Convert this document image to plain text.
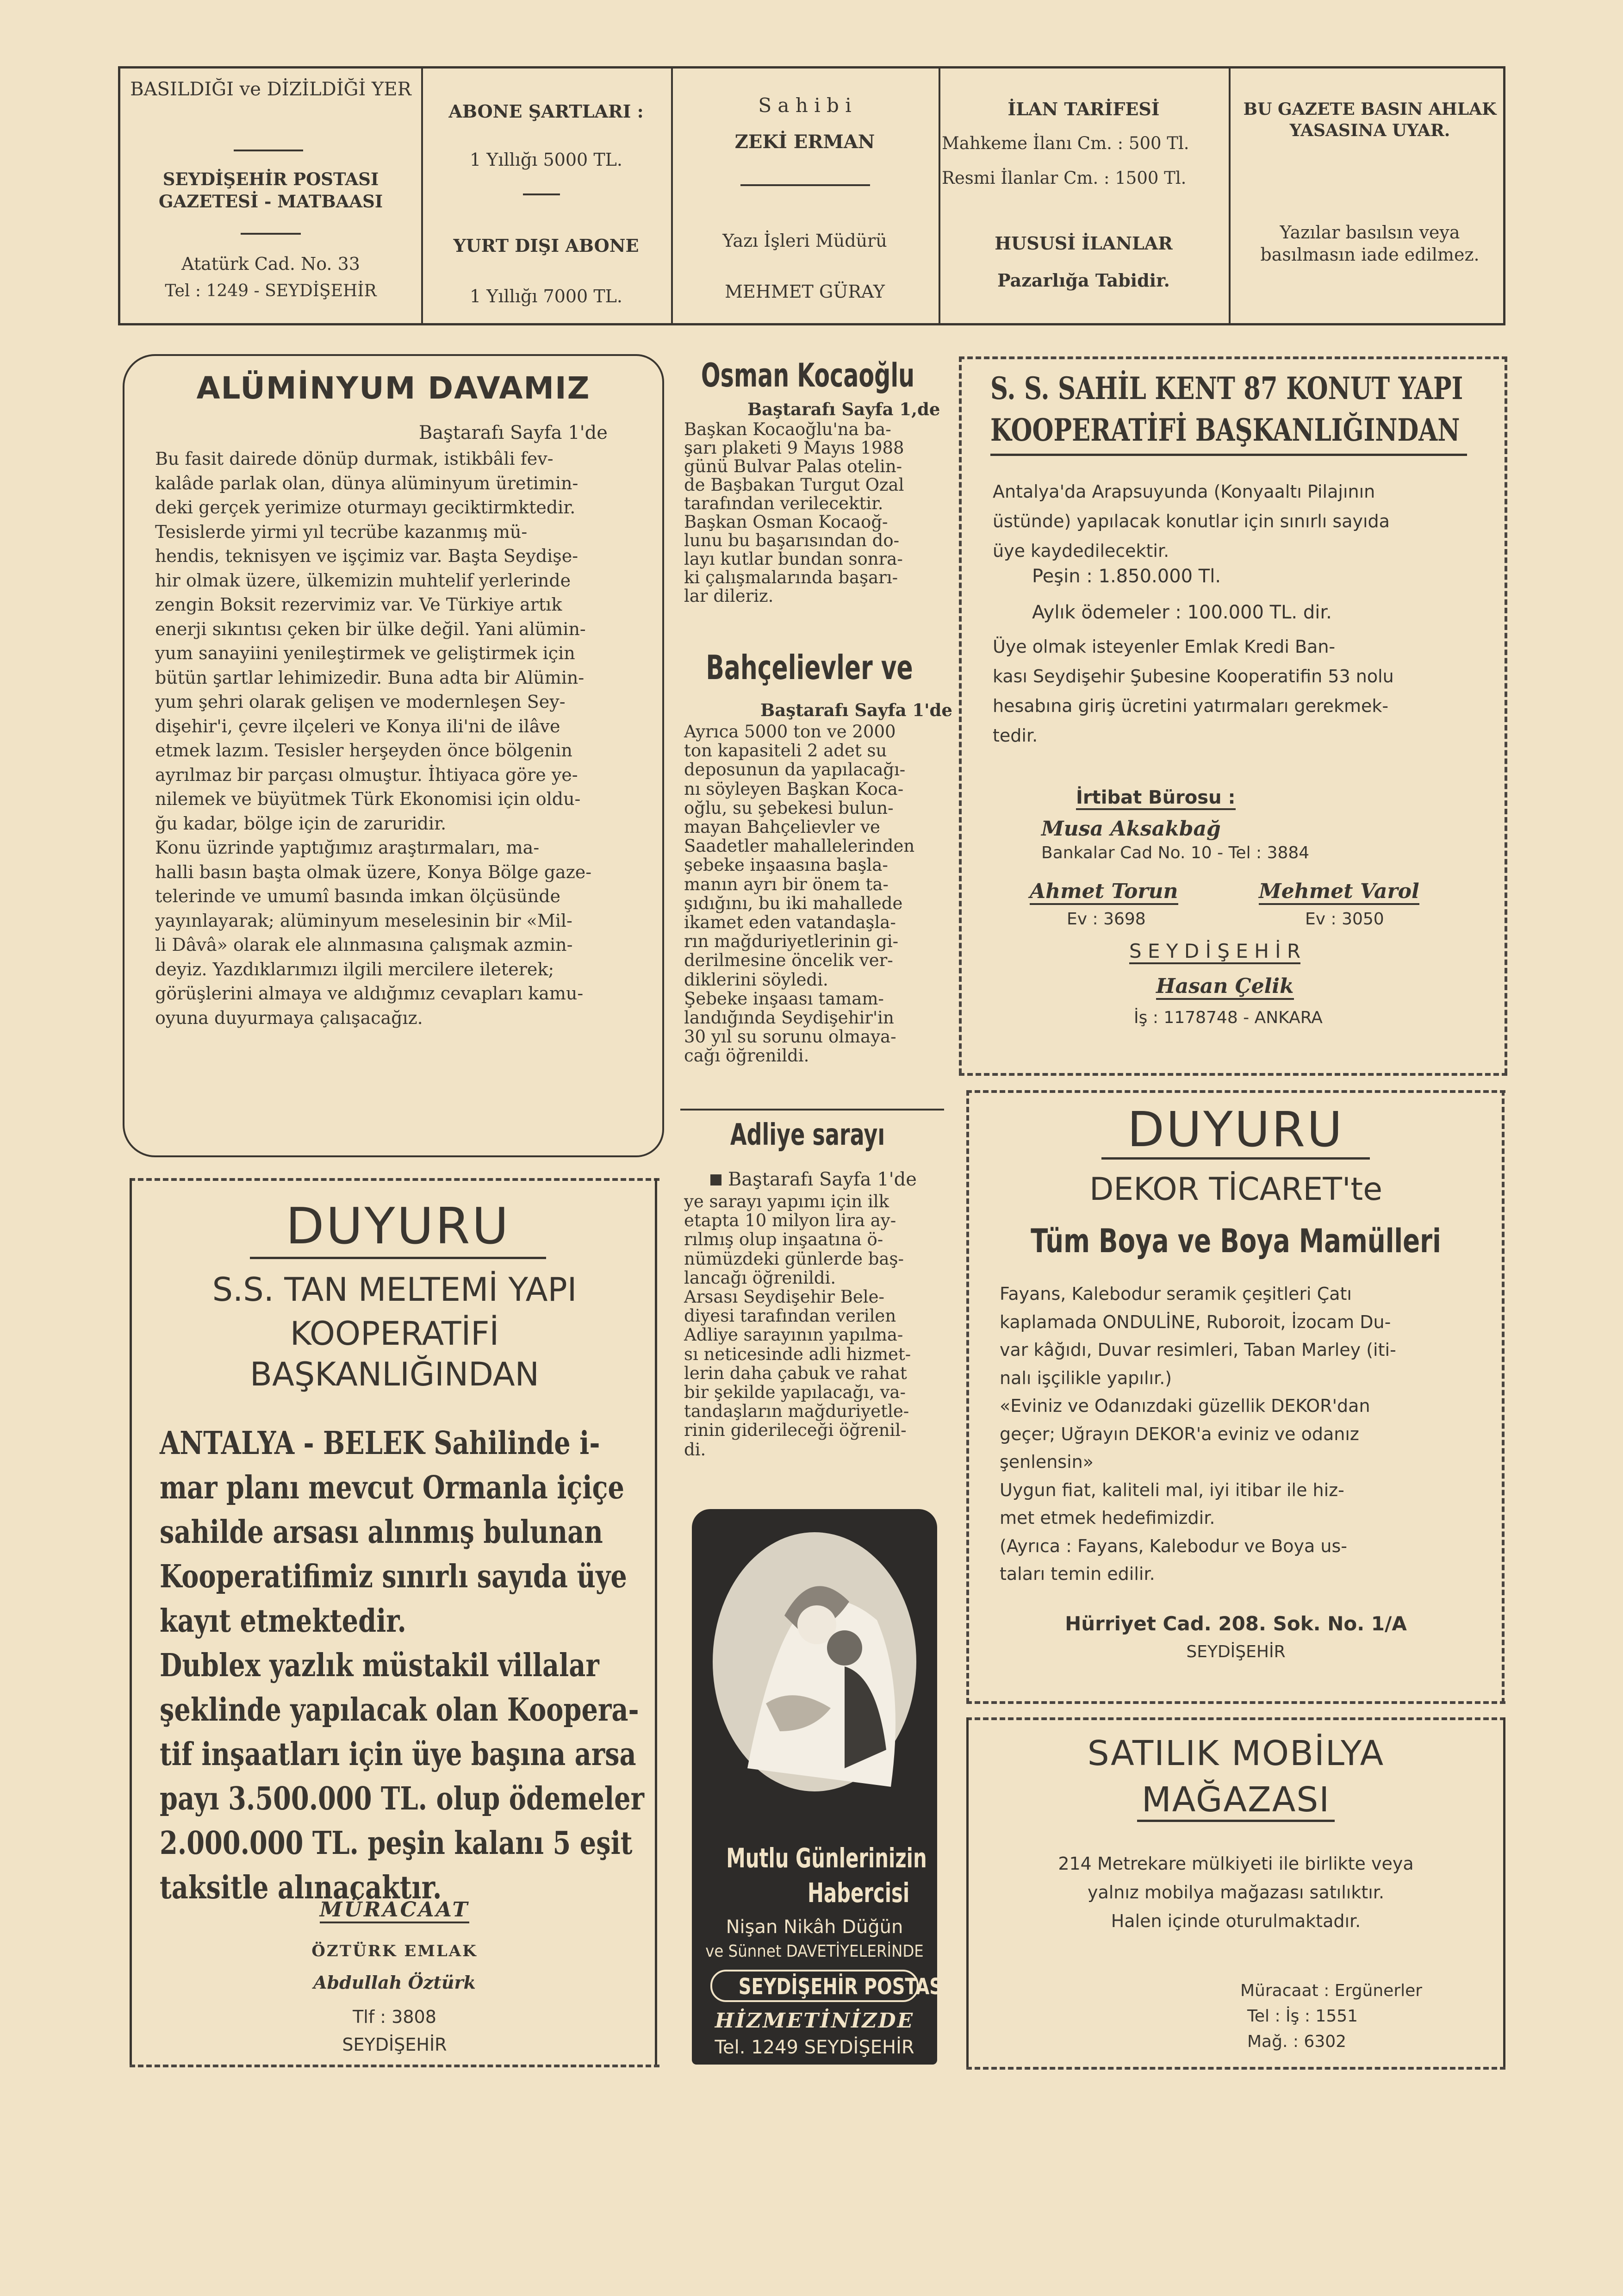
BASILDIĞI ve DİZİLDİĞİ YER
SEYDİŞEHİR POSTASI GAZETESİ - MATBAASI
Atatürk Cad. No. 33
Tel : 1249 - SEYDİŞEHİR
ABONE ŞARTLARI :
1 Yıllığı 5000 TL.
YURT DIŞI ABONE
1 Yıllığı 7000 TL.
S a h i b i
ZEKİ ERMAN
Yazı İşleri Müdürü
MEHMET GÜRAY
İLAN TARİFESİ
Mahkeme İlanı Cm. : 500 Tl.
Resmi İlanlar Cm. : 1500 Tl.
HUSUSİ İLANLAR
Pazarlığa Tabidir.
BU GAZETE BASIN AHLAK YASASINA UYAR.
Yazılar basılsın veya basılmasın iade edilmez.
ALÜMİNYUM DAVAMIZ
Baştarafı Sayfa 1'de
Bu fasit dairede dönüp durmak, istikbâli fev-
kalâde parlak olan, dünya alüminyum üretimin-
deki gerçek yerimize oturmayı geciktirmktedir.
Tesislerde yirmi yıl tecrübe kazanmış mü-
hendis, teknisyen ve işçimiz var. Başta Seydişe-
hir olmak üzere, ülkemizin muhtelif yerlerinde
zengin Boksit rezervimiz var. Ve Türkiye artık
enerji sıkıntısı çeken bir ülke değil. Yani alümin-
yum sanayiini yenileştirmek ve geliştirmek için
bütün şartlar lehimizedir. Buna adta bir Alümin-
yum şehri olarak gelişen ve modernleşen Sey-
dişehir'i, çevre ilçeleri ve Konya ili'ni de ilâve
etmek lazım. Tesisler herşeyden önce bölgenin
ayrılmaz bir parçası olmuştur. İhtiyaca göre ye-
nilemek ve büyütmek Türk Ekonomisi için oldu-
ğu kadar, bölge için de zaruridir.
Konu üzrinde yaptığımız araştırmaları, ma-
halli basın başta olmak üzere, Konya Bölge gaze-
telerinde ve umumî basında imkan ölçüsünde
yayınlayarak; alüminyum meselesinin bir «Mil-
li Dâvâ» olarak ele alınmasına çalışmak azmin-
deyiz. Yazdıklarımızı ilgili mercilere ileterek;
görüşlerini almaya ve aldığımız cevapları kamu-
oyuna duyurmaya çalışacağız.
Osman Kocaoğlu
Baştarafı Sayfa 1,de
Başkan Kocaoğlu'na ba-
şarı plaketi 9 Mayıs 1988
günü Bulvar Palas otelin-
de Başbakan Turgut Ozal
tarafından verilecektir.
Başkan Osman Kocaoğ-
lunu bu başarısından do-
layı kutlar bundan sonra-
ki çalışmalarında başarı-
lar dileriz.
Bahçelievler ve
Baştarafı Sayfa 1'de
Ayrıca 5000 ton ve 2000
ton kapasiteli 2 adet su
deposunun da yapılacağı-
nı söyleyen Başkan Koca-
oğlu, su şebekesi bulun-
mayan Bahçelievler ve
Saadetler mahallelerinden
şebeke inşaasına başla-
manın ayrı bir önem ta-
şıdığını, bu iki mahallede
ikamet eden vatandaşla-
rın mağduriyetlerinin gi-
derilmesine öncelik ver-
diklerini söyledi.
Şebeke inşaası tamam-
landığında Seydişehir'in
30 yıl su sorunu olmaya-
cağı öğrenildi.
Adliye sarayı
Baştarafı Sayfa 1'de
ye sarayı yapımı için ilk
etapta 10 milyon lira ay-
rılmış olup inşaatına ö-
nümüzdeki günlerde baş-
lancağı öğrenildi.
Arsası Seydişehir Bele-
diyesi tarafından verilen
Adliye sarayının yapılma-
sı neticesinde adli hizmet-
lerin daha çabuk ve rahat
bir şekilde yapılacağı, va-
tandaşların mağduriyetle-
rinin giderileceği öğrenil-
di.
Mutlu Günlerinizin
Habercisi
Nişan Nikâh Düğün
ve Sünnet DAVETİYELERİNDE
SEYDİŞEHİR POSTASI
HİZMETİNİZDE
Tel. 1249 SEYDİŞEHİR
S. S. SAHİL KENT 87 KONUT YAPI
KOOPERATİFİ BAŞKANLIĞINDAN
Antalya'da Arapsuyunda (Konyaaltı Pilajının
üstünde) yapılacak konutlar için sınırlı sayıda
üye kaydedilecektir.
Peşin : 1.850.000 Tl.
Aylık ödemeler : 100.000 TL. dir.
Üye olmak isteyenler Emlak Kredi Ban-
kası Seydişehir Şubesine Kooperatifin 53 nolu
hesabına giriş ücretini yatırmaları gerekmek-
tedir.
İrtibat Bürosu :
Musa Aksakbağ
Bankalar Cad No. 10 - Tel : 3884
Ahmet Torun
Ev : 3698
Mehmet Varol
Ev : 3050
S E Y D İ Ş E H İ R
Hasan Çelik
İş : 1178748 - ANKARA
DUYURU
S.S. TAN MELTEMİ YAPI
KOOPERATİFİ
BAŞKANLIĞINDAN
ANTALYA - BELEK Sahilinde i-
mar planı mevcut Ormanla içiçe
sahilde arsası alınmış bulunan
Kooperatifimiz sınırlı sayıda üye
kayıt etmektedir.
Dublex yazlık müstakil villalar
şeklinde yapılacak olan Koopera-
tif inşaatları için üye başına arsa
payı 3.500.000 TL. olup ödemeler
2.000.000 TL. peşin kalanı 5 eşit
taksitle alınacaktır.
MÜRACAAT
ÖZTÜRK EMLAK
Abdullah Öztürk
Tlf : 3808
SEYDİŞEHİR
DUYURU
DEKOR TİCARET'te
Tüm Boya ve Boya Mamülleri
Fayans, Kalebodur seramik çeşitleri Çatı
kaplamada ONDULİNE, Ruboroit, İzocam Du-
var kâğıdı, Duvar resimleri, Taban Marley (iti-
nalı işçilikle yapılır.)
«Eviniz ve Odanızdaki güzellik DEKOR'dan
geçer; Uğrayın DEKOR'a eviniz ve odanız
şenlensin»
Uygun fiat, kaliteli mal, iyi itibar ile hiz-
met etmek hedefimizdir.
(Ayrıca : Fayans, Kalebodur ve Boya us-
taları temin edilir.
Hürriyet Cad. 208. Sok. No. 1/A
SEYDİŞEHİR
SATILIK MOBİLYA
MAĞAZASI
214 Metrekare mülkiyeti ile birlikte veya
yalnız mobilya mağazası satılıktır.
Halen içinde oturulmaktadır.
Müracaat : Ergünerler
Tel : İş : 1551
Mağ. : 6302
